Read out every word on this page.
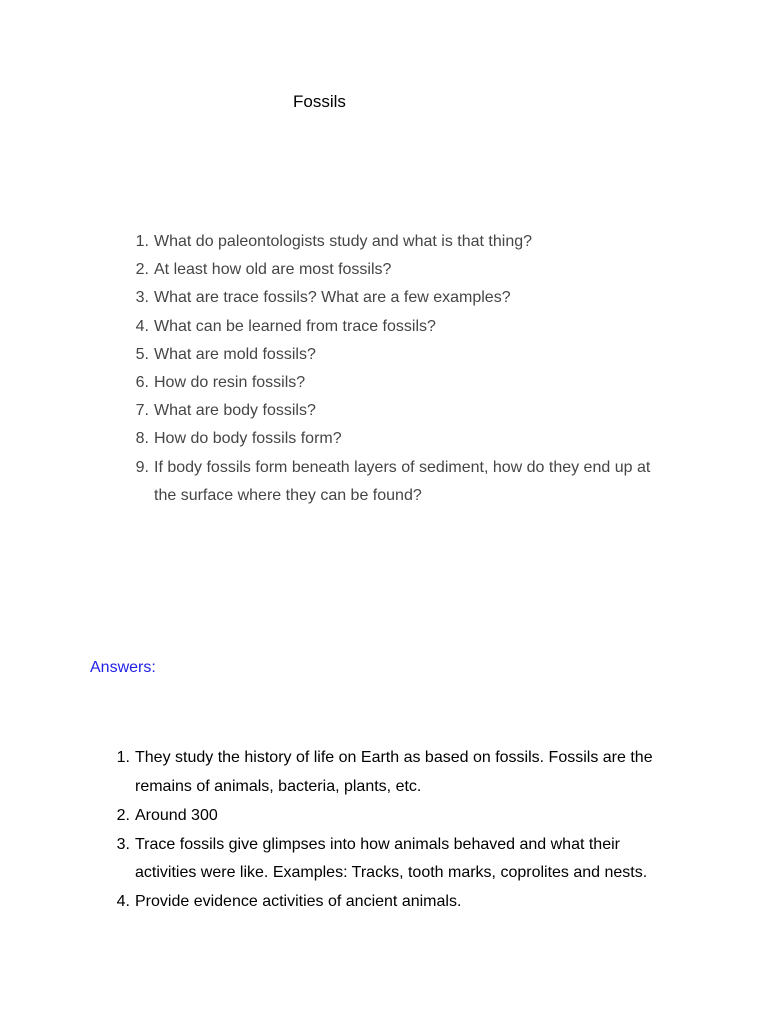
Fossils
1. What do paleontologists study and what is that thing?
2. At least how old are most fossils?
3. What are trace fossils? What are a few examples?
4. What can be learned from trace fossils?
5. What are mold fossils?
6. How do resin fossils?
7. What are body fossils?
8. How do body fossils form?
9. If body fossils form beneath layers of sediment, how do they end up at the surface where they can be found?
Answers:
1. They study the history of life on Earth as based on fossils. Fossils are the remains of animals, bacteria, plants, etc.
2. Around 300
3. Trace fossils give glimpses into how animals behaved and what their activities were like. Examples: Tracks, tooth marks, coprolites and nests.
4. Provide evidence activities of ancient animals.
